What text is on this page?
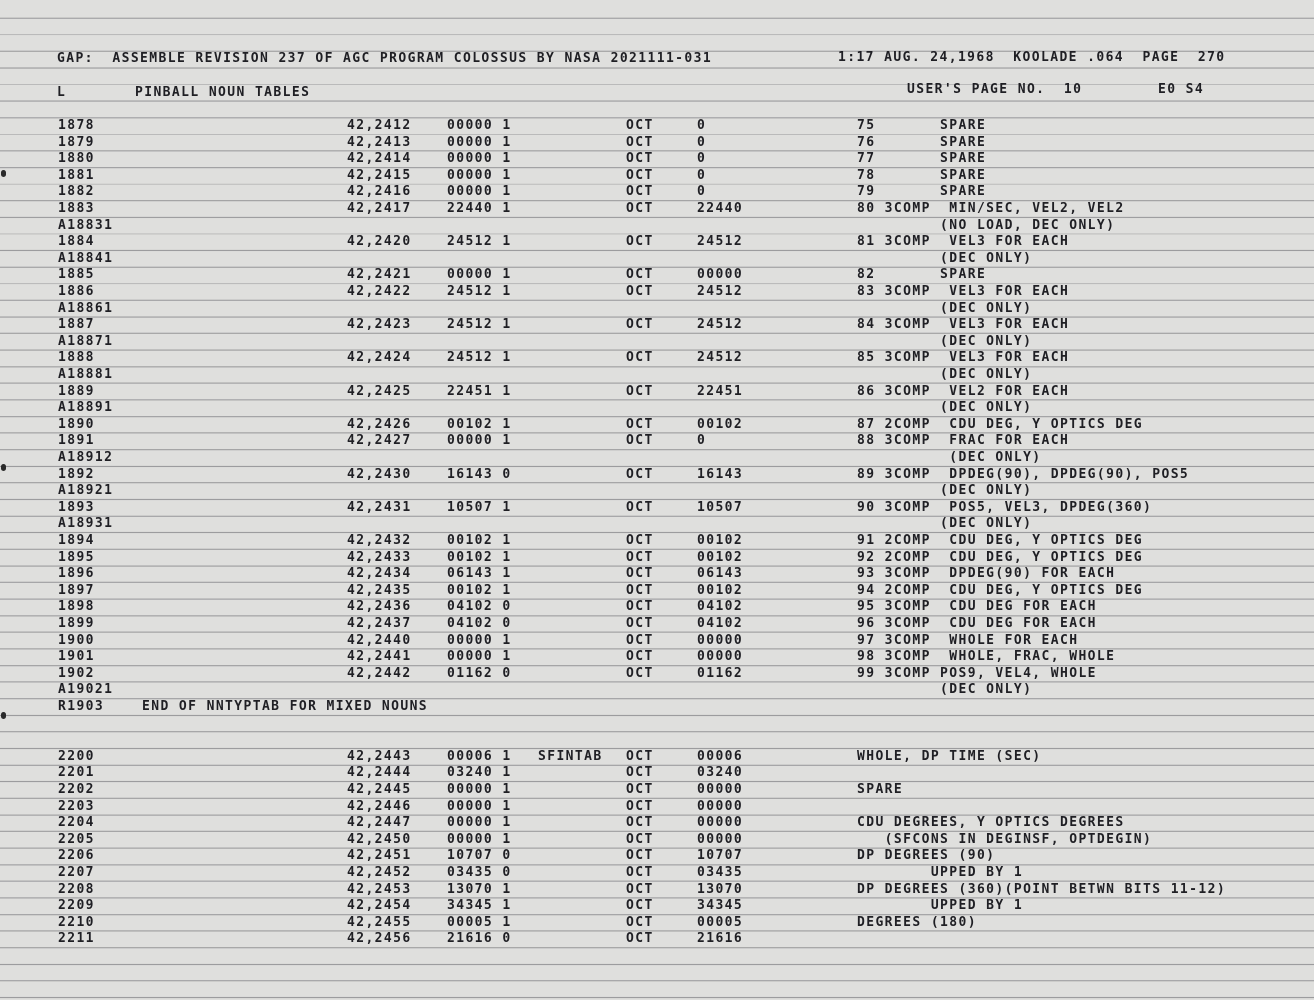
GAP:  ASSEMBLE REVISION 237 OF AGC PROGRAM COLOSSUS BY NASA 2021111-031	1:17 AUG. 24,1968  KOOLADE .064  PAGE  270
L	PINBALL NOUN TABLES	USER'S PAGE NO.  10	E0 S4
1878	42,2412	00000 1	OCT	0	75       SPARE
1879	42,2413	00000 1	OCT	0	76       SPARE
1880	42,2414	00000 1	OCT	0	77       SPARE
1881	42,2415	00000 1	OCT	0	78       SPARE
1882	42,2416	00000 1	OCT	0	79       SPARE
1883	42,2417	22440 1	OCT	22440	80 3COMP  MIN/SEC, VEL2, VEL2
A18831	(NO LOAD, DEC ONLY)
1884	42,2420	24512 1	OCT	24512	81 3COMP  VEL3 FOR EACH
A18841	(DEC ONLY)
1885	42,2421	00000 1	OCT	00000	82       SPARE
1886	42,2422	24512 1	OCT	24512	83 3COMP  VEL3 FOR EACH
A18861	(DEC ONLY)
1887	42,2423	24512 1	OCT	24512	84 3COMP  VEL3 FOR EACH
A18871	(DEC ONLY)
1888	42,2424	24512 1	OCT	24512	85 3COMP  VEL3 FOR EACH
A18881	(DEC ONLY)
1889	42,2425	22451 1	OCT	22451	86 3COMP  VEL2 FOR EACH
A18891	(DEC ONLY)
1890	42,2426	00102 1	OCT	00102	87 2COMP  CDU DEG, Y OPTICS DEG
1891	42,2427	00000 1	OCT	0	88 3COMP  FRAC FOR EACH
A18912	(DEC ONLY)
1892	42,2430	16143 0	OCT	16143	89 3COMP  DPDEG(90), DPDEG(90), POS5
A18921	(DEC ONLY)
1893	42,2431	10507 1	OCT	10507	90 3COMP  POS5, VEL3, DPDEG(360)
A18931	(DEC ONLY)
1894	42,2432	00102 1	OCT	00102	91 2COMP  CDU DEG, Y OPTICS DEG
1895	42,2433	00102 1	OCT	00102	92 2COMP  CDU DEG, Y OPTICS DEG
1896	42,2434	06143 1	OCT	06143	93 3COMP  DPDEG(90) FOR EACH
1897	42,2435	00102 1	OCT	00102	94 2COMP  CDU DEG, Y OPTICS DEG
1898	42,2436	04102 0	OCT	04102	95 3COMP  CDU DEG FOR EACH
1899	42,2437	04102 0	OCT	04102	96 3COMP  CDU DEG FOR EACH
1900	42,2440	00000 1	OCT	00000	97 3COMP  WHOLE FOR EACH
1901	42,2441	00000 1	OCT	00000	98 3COMP  WHOLE, FRAC, WHOLE
1902	42,2442	01162 0	OCT	01162	99 3COMP POS9, VEL4, WHOLE
A19021	(DEC ONLY)
R1903	END OF NNTYPTAB FOR MIXED NOUNS
2200	42,2443	00006 1 SFINTAB OCT	00006	WHOLE, DP TIME (SEC)
2201	42,2444	03240 1	OCT	03240
2202	42,2445	00000 1	OCT	00000	SPARE
2203	42,2446	00000 1	OCT	00000
2204	42,2447	00000 1	OCT	00000	CDU DEGREES, Y OPTICS DEGREES
2205	42,2450	00000 1	OCT	00000	(SFCONS IN DEGINSF, OPTDEGIN)
2206	42,2451	10707 0	OCT	10707	DP DEGREES (90)
2207	42,2452	03435 0	OCT	03435	UPPED BY 1
2208	42,2453	13070 1	OCT	13070	DP DEGREES (360)(POINT BETWN BITS 11-12)
2209	42,2454	34345 1	OCT	34345	UPPED BY 1
2210	42,2455	00005 1	OCT	00005	DEGREES (180)
2211	42,2456	21616 0	OCT	21616
